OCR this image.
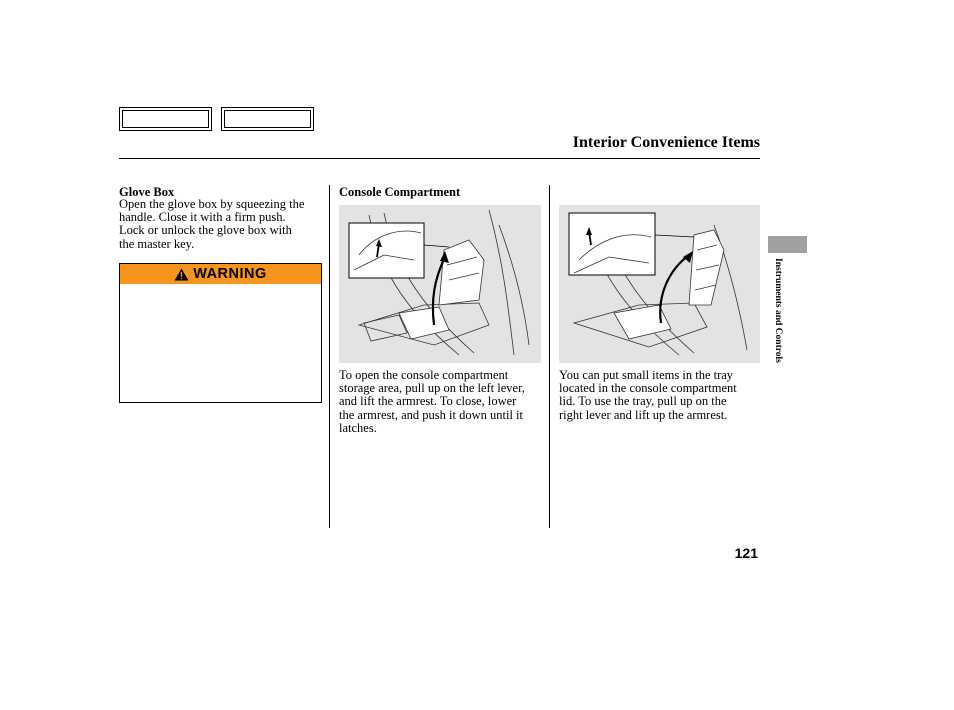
Interior Convenience Items
Glove Box
Open the glove box by squeezing the
handle. Close it with a firm push.
Lock or unlock the glove box with
the master key.
WARNING
Console Compartment
To open the console compartment
storage area, pull up on the left lever,
and lift the armrest. To close, lower
the armrest, and push it down until it
latches.
You can put small items in the tray
located in the console compartment
lid. To use the tray, pull up on the
right lever and lift up the armrest.
Instruments and Controls
121
